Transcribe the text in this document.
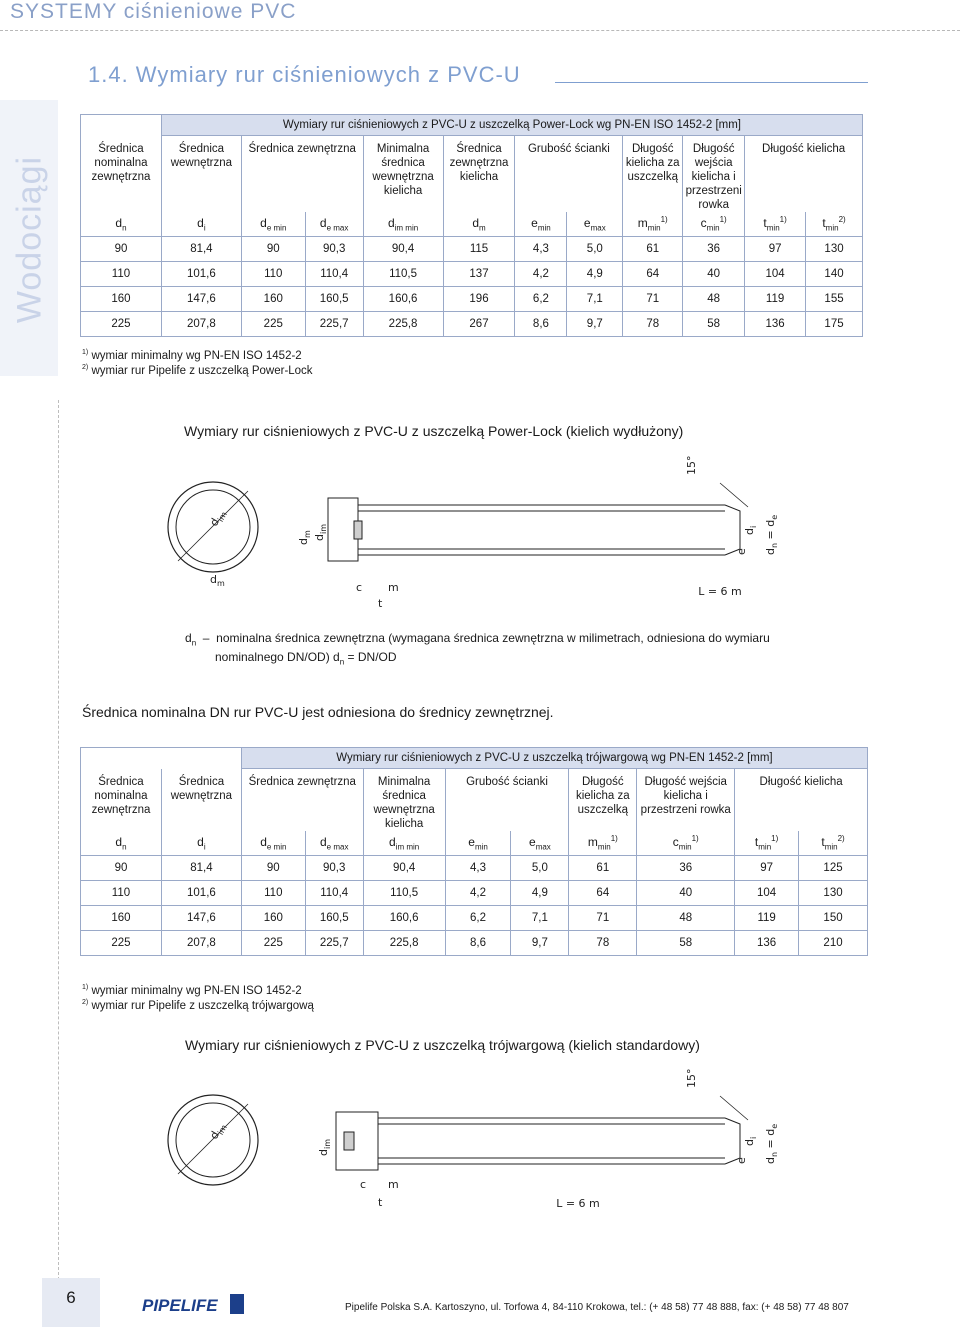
SYSTEMY ciśnieniowe PVC
1.4. Wymiary rur ciśnieniowych z PVC-U
Wodociągi
	Wymiary rur ciśnieniowych z PVC-U z uszczelką Power-Lock wg PN-EN ISO 1452-2 [mm]										
Średnica nominalna zewnętrzna	Średnica wewnętrzna	Średnica zewnętrzna		Minimalna średnica wewnętrzna kielicha	Średnica zewnętrzna kielicha	Grubość ścianki		Długość kielicha za uszczelką	Długość wejścia kielicha i przestrzeni rowka	Długość kielicha	
$d_n$	$d_i$	$d_{e min}$	$d_{e max}$	$d_{im min}$	$d_m$	$e_{min}$	$e_{max}$	$m_{min}^{1)}$	$c_{min}^{1)}$	$t_{min}^{1)}$	$t_{min}^{2)}$
90	81,4	90	90,3	90,4	115	4,3	5,0	61	36	97	130
110	101,6	110	110,4	110,5	137	4,2	4,9	64	40	104	140
160	147,6	160	160,5	160,6	196	6,2	7,1	71	48	119	155
225	207,8	225	225,7	225,8	267	8,6	9,7	78	58	136	175
$^{1)}$ wymiar minimalny wg PN-EN ISO 1452-2
$^{2)}$ wymiar rur Pipelife z uszczelką Power-Lock
Wymiary rur ciśnieniowych z PVC-U z uszczelką Power-Lock (kielich wydłużony)
15°
L = 6 m
c m
t
$d_m$
$d_{im}$
$d_m$ $d_{im}$
e
$d_i$
$d_n = d_e$
$d_n$  –  nominalna średnica zewnętrzna (wymagana średnica zewnętrzna w milimetrach, odniesiona do wymiaru
nominalnego DN/OD) $d_n = DN/OD$
Średnica nominalna DN rur PVC-U jest odniesiona do średnicy zewnętrznej.
		Wymiary rur ciśnieniowych z PVC-U z uszczelką trójwargową wg PN-EN 1452-2 [mm]								
Średnica nominalna zewnętrzna	Średnica wewnętrzna	Średnica zewnętrzna		Minimalna średnica wewnętrzna kielicha	Grubość ścianki		Długość kielicha za uszczelką	Długość wejścia kielicha i przestrzeni rowka	Długość kielicha	
$d_n$	$d_i$	$d_{e min}$	$d_{e max}$	$d_{im min}$	$e_{min}$	$e_{max}$	$m_{min}^{1)}$	$c_{min}^{1)}$	$t_{min}^{1)}$	$t_{min}^{2)}$
90	81,4	90	90,3	90,4	4,3	5,0	61	36	97	125
110	101,6	110	110,4	110,5	4,2	4,9	64	40	104	130
160	147,6	160	160,5	160,6	6,2	7,1	71	48	119	150
225	207,8	225	225,7	225,8	8,6	9,7	78	58	136	210
$^{1)}$ wymiar minimalny wg PN-EN ISO 1452-2
$^{2)}$ wymiar rur Pipelife z uszczelką trójwargową
Wymiary rur ciśnieniowych z PVC-U z uszczelką trójwargową (kielich standardowy)
15°
L = 6 m
c m
t
$d_{im}$
$d_{im}$
e
$d_i$
$d_n = d_e$
6	PIPELIFE	Pipelife Polska S.A. Kartoszyno, ul. Torfowa 4, 84-110 Krokowa, tel.: (+ 48 58) 77 48 888, fax: (+ 48 58) 77 48 807
